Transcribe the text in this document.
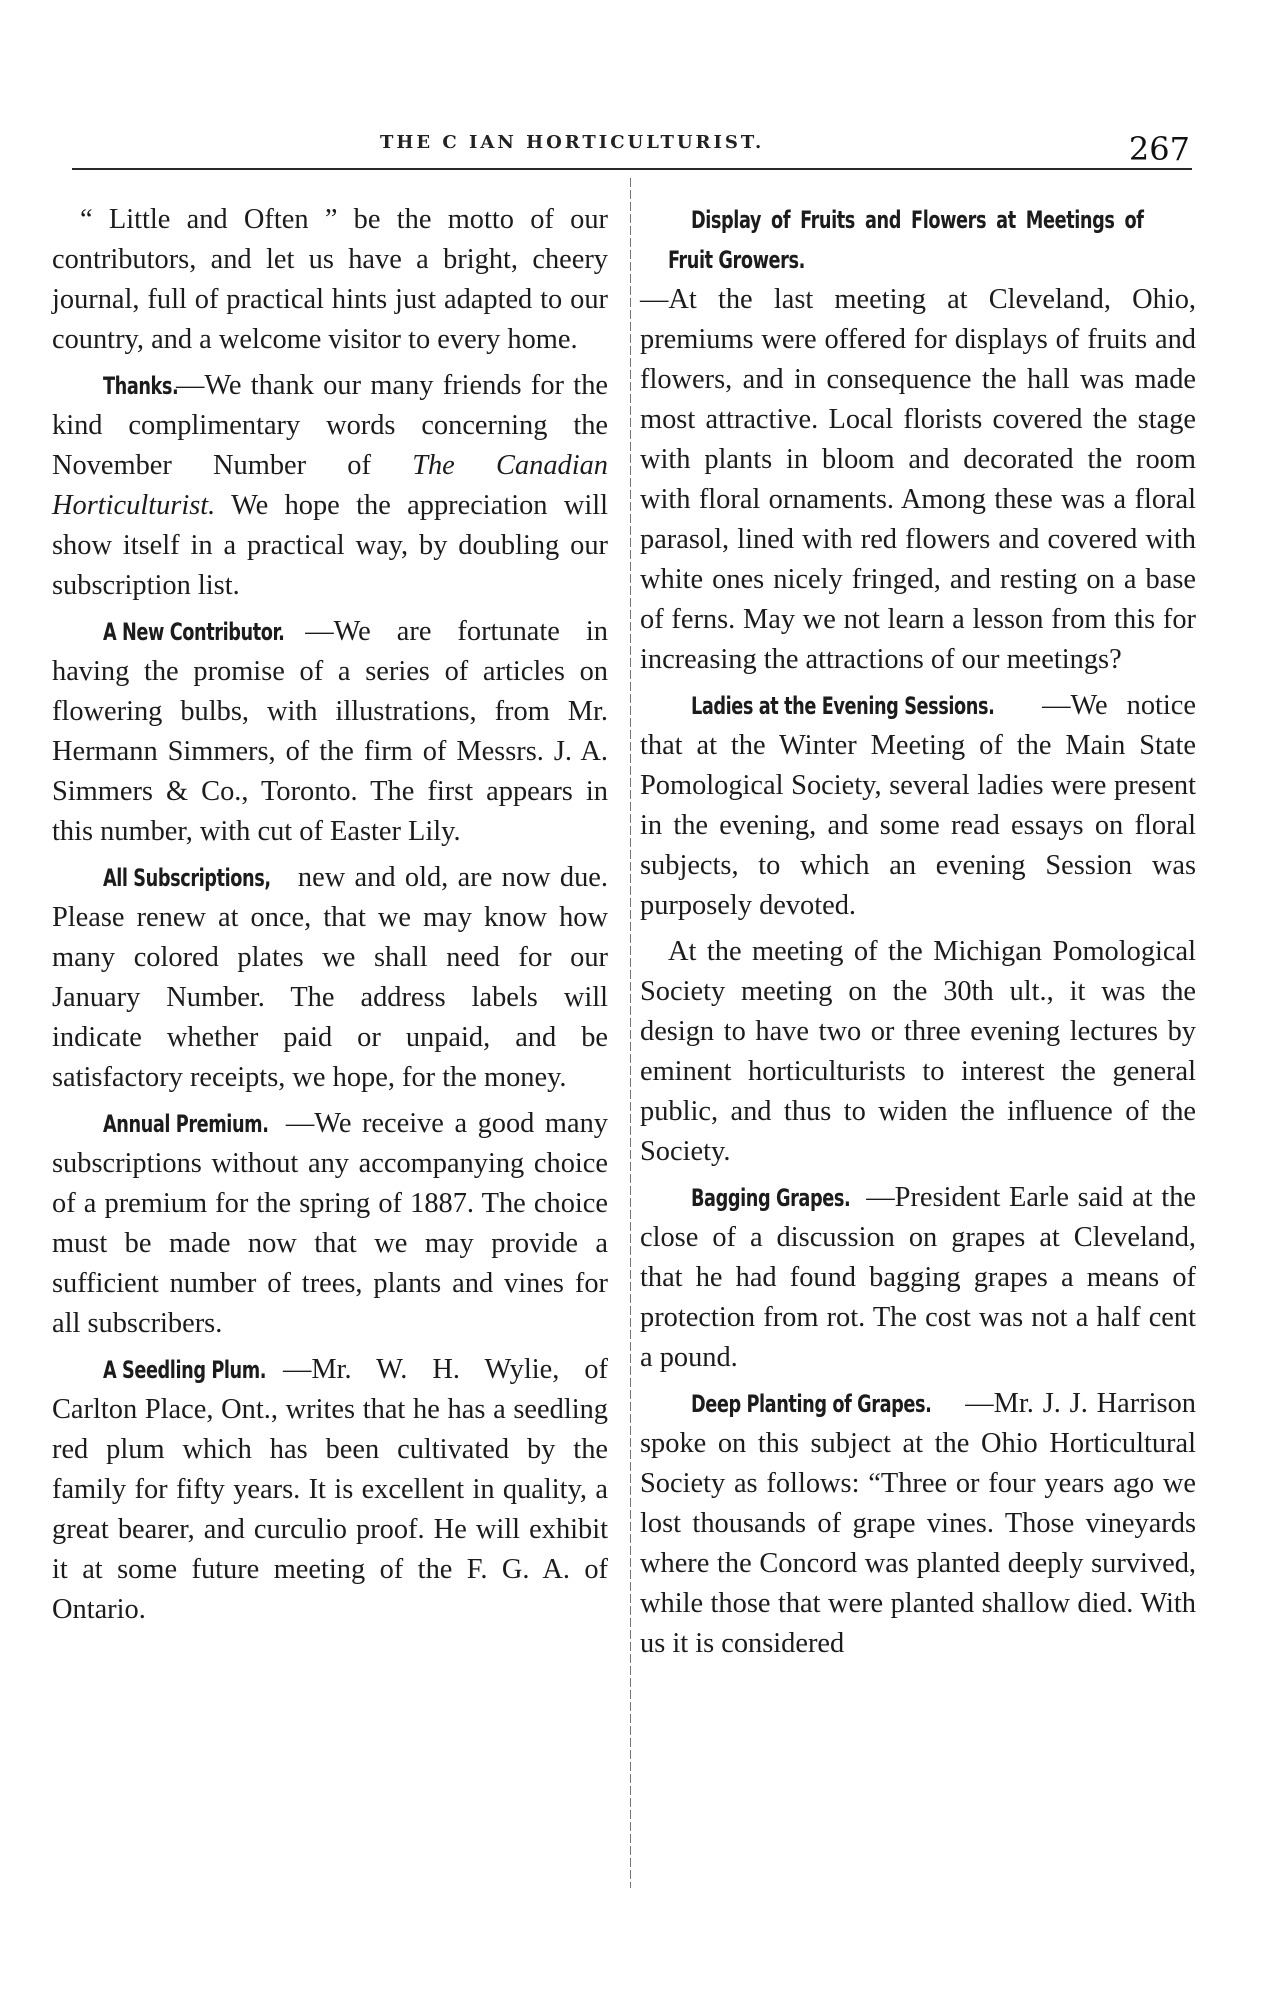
THE C IAN HORTICULTURIST.	267

“ Little and Often ” be the motto of our contributors, and let us have a bright, cheery journal, full of practical hints just adapted to our country, and a welcome visitor to every home.

Thanks.—We thank our many friends for the kind complimentary words concerning the November Number of The Canadian Horticulturist. We hope the appreciation will show itself in a practical way, by doubling our subscription list.

A New Contributor. —We are fortunate in having the promise of a series of articles on flowering bulbs, with illustrations, from Mr. Hermann Simmers, of the firm of Messrs. J. A. Simmers & Co., Toronto. The first appears in this number, with cut of Easter Lily.

All Subscriptions, new and old, are now due. Please renew at once, that we may know how many colored plates we shall need for our January Number. The address labels will indicate whether paid or unpaid, and be satisfactory receipts, we hope, for the money.

Annual Premium. —We receive a good many subscriptions without any accompanying choice of a premium for the spring of 1887. The choice must be made now that we may provide a sufficient number of trees, plants and vines for all subscribers.

A Seedling Plum. —Mr. W. H. Wylie, of Carlton Place, Ont., writes that he has a seedling red plum which has been cultivated by the family for fifty years. It is excellent in quality, a great bearer, and curculio proof. He will exhibit it at some future meeting of the F. G. A. of Ontario.

Display of Fruits and Flowers at Meetings of Fruit Growers.—At the last meeting at Cleveland, Ohio, premiums were offered for displays of fruits and flowers, and in consequence the hall was made most attractive. Local florists covered the stage with plants in bloom and decorated the room with floral ornaments. Among these was a floral parasol, lined with red flowers and covered with white ones nicely fringed, and resting on a base of ferns. May we not learn a lesson from this for increasing the attractions of our meetings?

Ladies at the Evening Sessions. —We notice that at the Winter Meeting of the Main State Pomological Society, several ladies were present in the evening, and some read essays on floral subjects, to which an evening Session was purposely devoted.

At the meeting of the Michigan Pomological Society meeting on the 30th ult., it was the design to have two or three evening lectures by eminent horticulturists to interest the general public, and thus to widen the influence of the Society.

Bagging Grapes. —President Earle said at the close of a discussion on grapes at Cleveland, that he had found bagging grapes a means of protection from rot. The cost was not a half cent a pound.

Deep Planting of Grapes. —Mr. J. J. Harrison spoke on this subject at the Ohio Horticultural Society as follows: “Three or four years ago we lost thousands of grape vines. Those vineyards where the Concord was planted deeply survived, while those that were planted shallow died. With us it is considered
